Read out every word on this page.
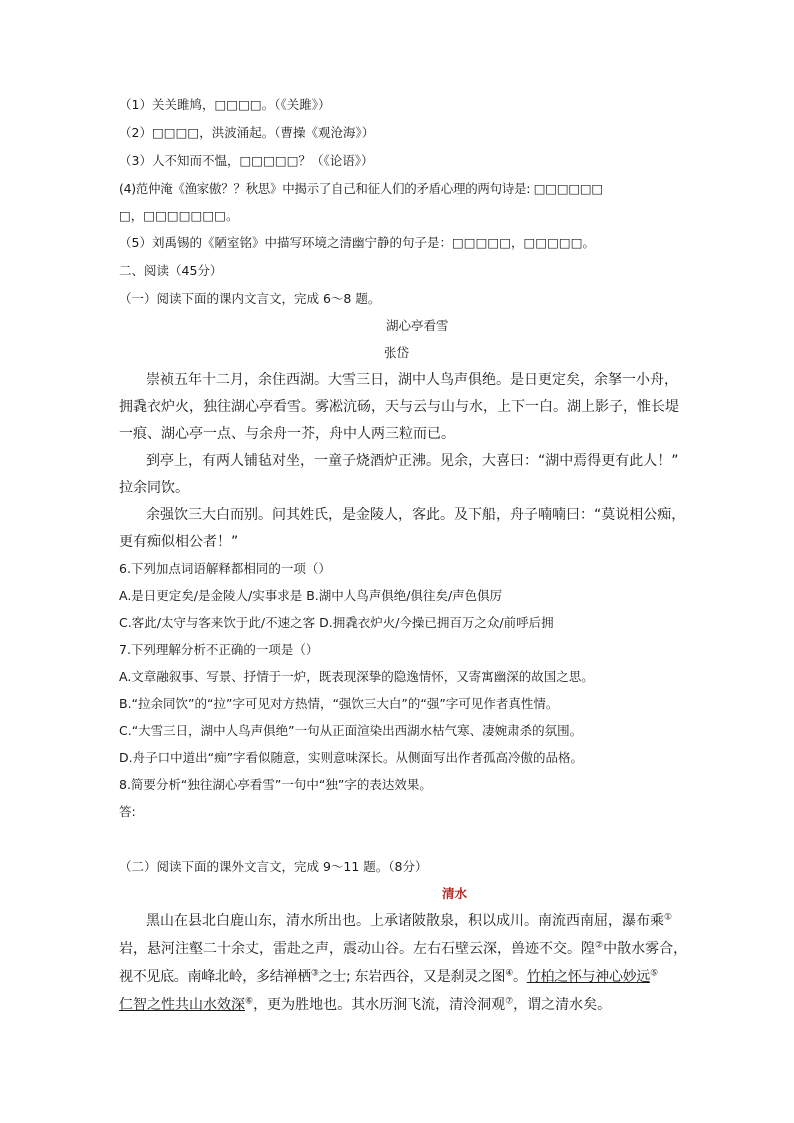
（1）关关雎鸠，□□□□。（《关雎》）
（2）□□□□，洪波涌起。（曹操《观沧海》）
（3）人不知而不愠，□□□□□？（《论语》）
(4)范仲淹《渔家傲？？秋思》中揭示了自己和征人们的矛盾心理的两句诗是: □□□□□□
□，□□□□□□□。
（5）刘禹锡的《陋室铭》中描写环境之清幽宁静的句子是：□□□□□，□□□□□。
二、阅读（45分）
（一）阅读下面的课内文言文，完成 6～8 题。
湖心亭看雪
张岱
崇祯五年十二月，余住西湖。大雪三日，湖中人鸟声俱绝。是日更定矣，余拏一小舟，
拥毳衣炉火，独往湖心亭看雪。雾凇沆砀，天与云与山与水，上下一白。湖上影子，惟长堤
一痕、湖心亭一点、与余舟一芥，舟中人两三粒而已。
到亭上，有两人铺毡对坐，一童子烧酒炉正沸。见余，大喜曰：“湖中焉得更有此人！”
拉余同饮。
余强饮三大白而别。问其姓氏，是金陵人，客此。及下船，舟子喃喃曰：“莫说相公痴，
更有痴似相公者！”
6.下列加点词语解释都相同的一项（）
A.是日更定矣/是金陵人/实事求是 B.湖中人鸟声俱绝/俱往矣/声色俱厉
C.客此/太守与客来饮于此/不速之客 D.拥毳衣炉火/今操已拥百万之众/前呼后拥
7.下列理解分析不正确的一项是（）
A.文章融叙事、写景、抒情于一炉，既表现深挚的隐逸情怀，又寄寓幽深的故国之思。
B.“拉余同饮”的“拉”字可见对方热情，“强饮三大白”的“强”字可见作者真性情。
C.“大雪三日，湖中人鸟声俱绝”一句从正面渲染出西湖水枯气寒、凄婉肃杀的氛围。
D.舟子口中道出“痴”字看似随意，实则意味深长。从侧面写出作者孤高冷傲的品格。
8.简要分析“独往湖心亭看雪”一句中“独”字的表达效果。
答:
（二）阅读下面的课外文言文，完成 9～11 题。（8分）
清水
黑山在县北白鹿山东，清水所出也。上承诸陂散泉，积以成川。南流西南屈，瀑布乘①
岩，悬河注壑二十余丈，雷赴之声，震动山谷。左右石壁云深，兽迹不交。隍②中散水雾合，
视不见底。南峰北岭，多结禅栖③之士; 东岩西谷，又是刹灵之图④。竹柏之怀与神心妙远⑤
仁智之性共山水效深⑥，更为胜地也。其水历涧飞流，清泠洞观⑦，谓之清水矣。
